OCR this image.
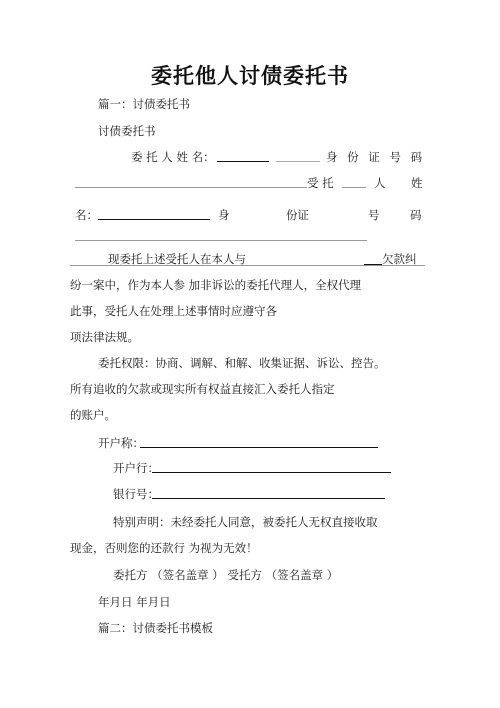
委托他人讨债委托书
篇一：讨债委托书
讨债委托书
委 托 人 姓 名：	身 份 证 号 码
受 托	人 姓
名：	身	份证	号	码
现委托上述受托人在本人与	欠款纠
纷一案中，作为本人参 加非诉讼的委托代理人，全权代理
此事，受托人在处理上述事情时应遵守各
项法律法规。
委托权限：协商、调解、和解、收集证据、诉讼、控告。
所有追收的欠款或现实所有权益直接汇入委托人指定
的账户。
开户称：
开户行：
银行号：
特别声明：未经委托人同意，被委托人无权直接收取
现金，否则您的还款行 为视为无效！
委托方 （签名盖章 ） 受托方 （签名盖章 ）
年月日 年月日
篇二：讨债委托书模板
